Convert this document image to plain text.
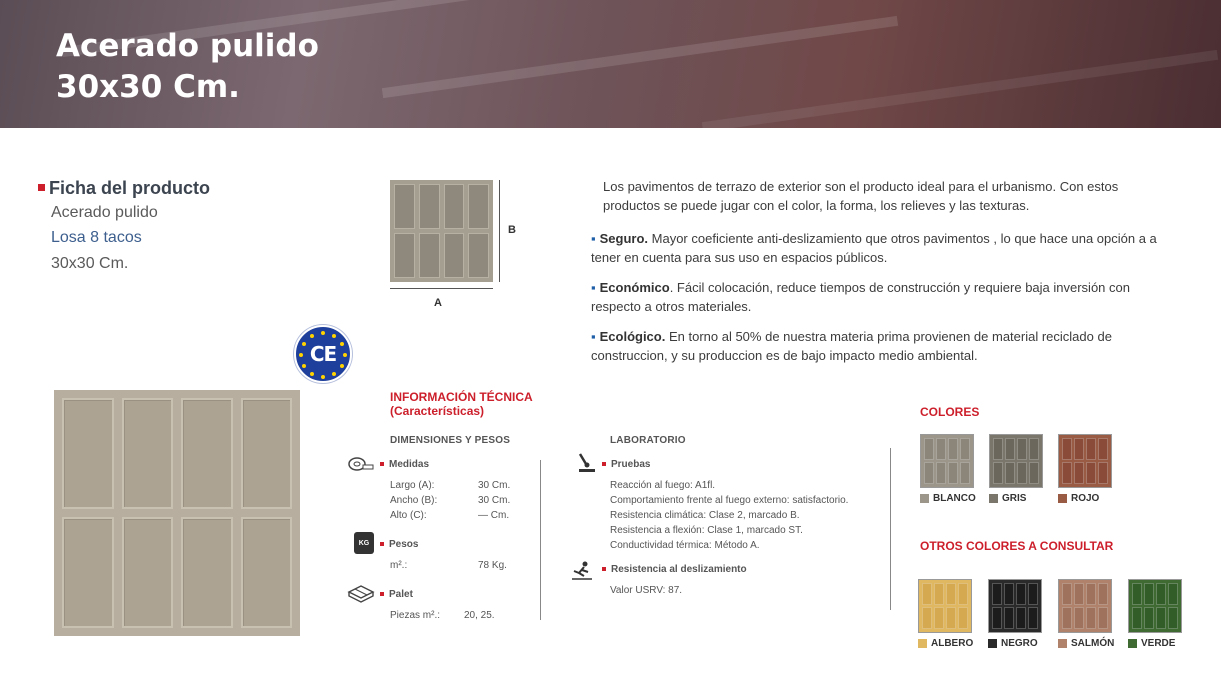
Acerado pulido
30x30 Cm.
Ficha del producto
Acerado pulido
Losa 8 tacos
30x30 Cm.
B
A
Los pavimentos de terrazo de exterior son el producto ideal para el urbanismo. Con estos productos se puede jugar con el color, la forma, los relieves y las texturas.
▪ Seguro. Mayor coeficiente anti-deslizamiento que otros pavimentos , lo que hace una opción a a tener en cuenta para sus uso en espacios públicos.
▪ Económico. Fácil colocación, reduce tiempos de construcción y requiere baja inversión con respecto a otros materiales.
▪ Ecológico. En torno al 50% de nuestra materia prima provienen de material reciclado de construccion, y su produccion es de bajo impacto medio ambiental.
CE
INFORMACIÓN TÉCNICA
(Características)
DIMENSIONES Y PESOS
Medidas
Largo (A):	30 Cm.
Ancho (B):	30 Cm.
Alto (C):	— Cm.
KG	Pesos
m².:	78 Kg.
Palet
Piezas m².: 20, 25.
LABORATORIO
Pruebas
Reacción al fuego: A1fl.
Comportamiento frente al fuego externo: satisfactorio.
Resistencia climática: Clase 2, marcado B.
Resistencia a flexión: Clase 1, marcado ST.
Conductividad térmica: Método A.
Resistencia al deslizamiento
Valor USRV: 87.
COLORES
BLANCO	GRIS	ROJO
OTROS COLORES A CONSULTAR
ALBERO	NEGRO	SALMÓN	VERDE
